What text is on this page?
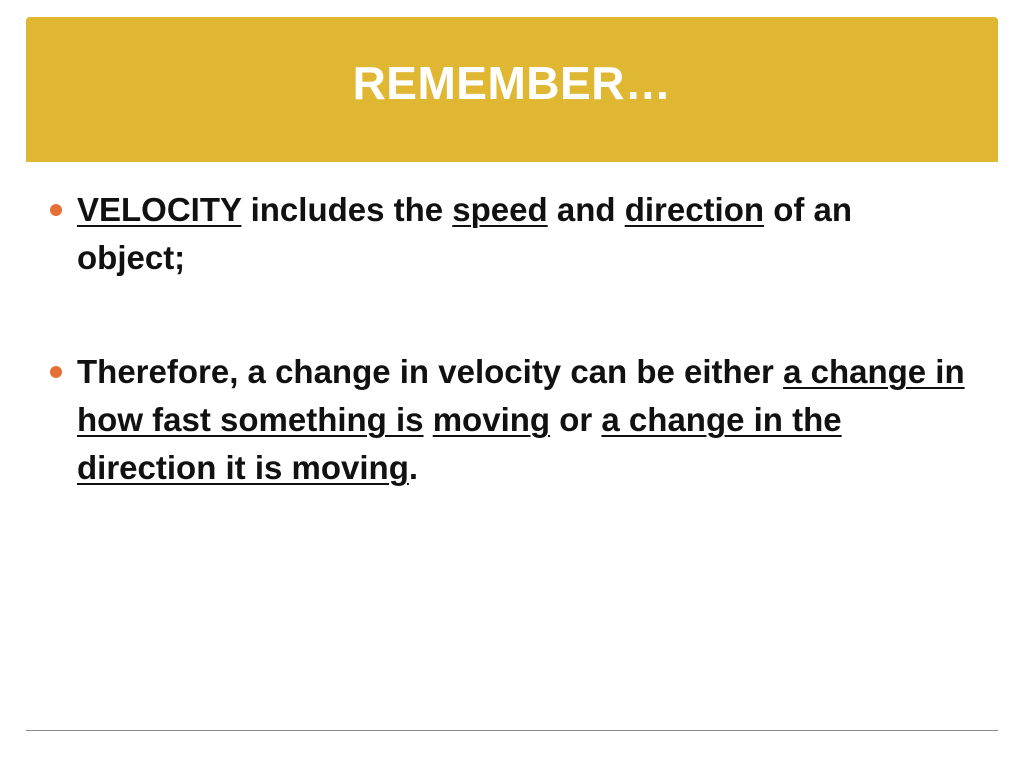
REMEMBER…
VELOCITY includes the speed and direction of an object;
Therefore, a change in velocity can be either a change in how fast something is moving or a change in the direction it is moving.
